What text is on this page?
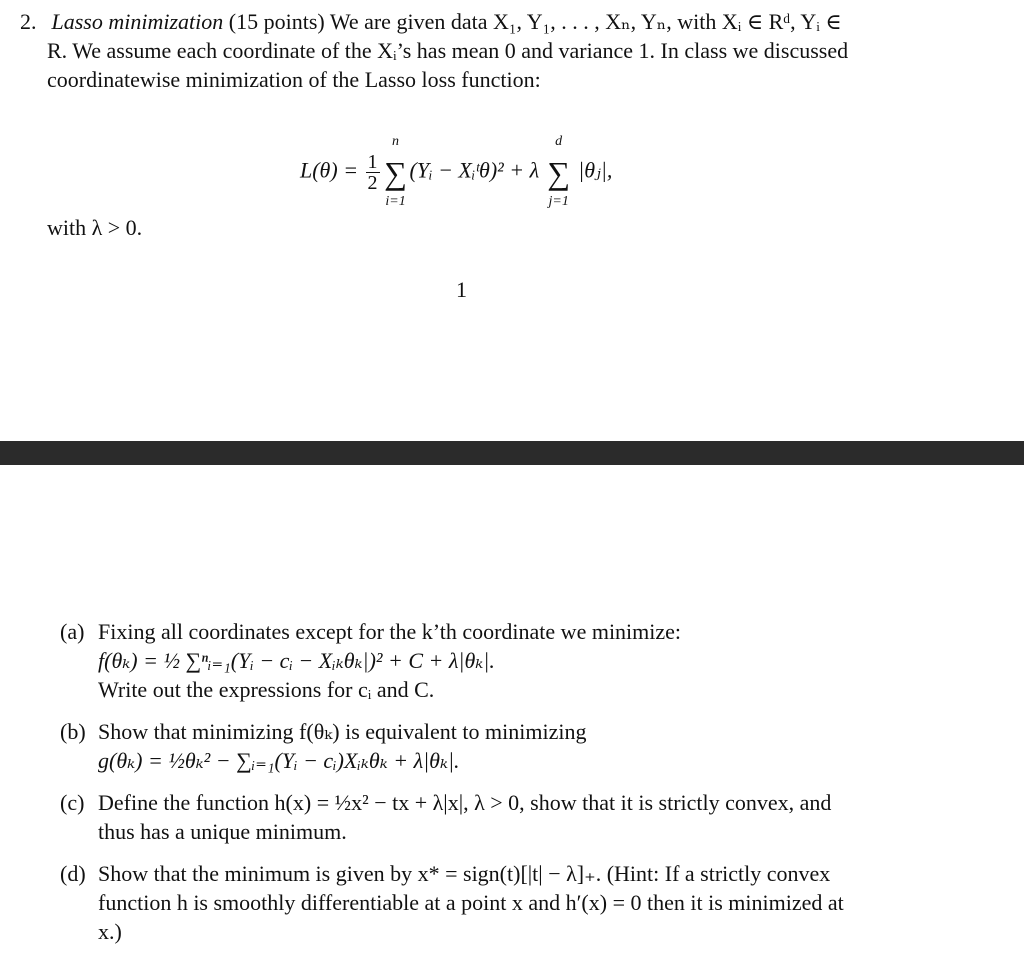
2. Lasso minimization (15 points) We are given data X₁, Y₁, . . . , Xₙ, Yₙ, with Xᵢ ∈ Rᵈ, Yᵢ ∈
R. We assume each coordinate of the Xᵢ’s has mean 0 and variance 1. In class we discussed
coordinatewise minimization of the Lasso loss function:
$L(\theta) = \frac{1}{2}$ ∑
n
i=1
(Yᵢ − Xᵢᵗθ)² + λ ∑
d
j=1
|θⱼ|,
with λ > 0.
1
(a) Fixing all coordinates except for the k’th coordinate we minimize:
f(θₖ) = ½ ∑ⁿᵢ₌₁(Yᵢ − cᵢ − Xᵢₖθₖ|)² + C + λ|θₖ|.
Write out the expressions for cᵢ and C.
(b) Show that minimizing f(θₖ) is equivalent to minimizing
g(θₖ) = ½θₖ² − ∑ᵢ₌₁(Yᵢ − cᵢ)Xᵢₖθₖ + λ|θₖ|.
(c) Define the function h(x) = ½x² − tx + λ|x|, λ > 0, show that it is strictly convex, and
thus has a unique minimum.
(d) Show that the minimum is given by x* = sign(t)[|t| − λ]₊. (Hint: If a strictly convex
function h is smoothly differentiable at a point x and h′(x) = 0 then it is minimized at
x.)
